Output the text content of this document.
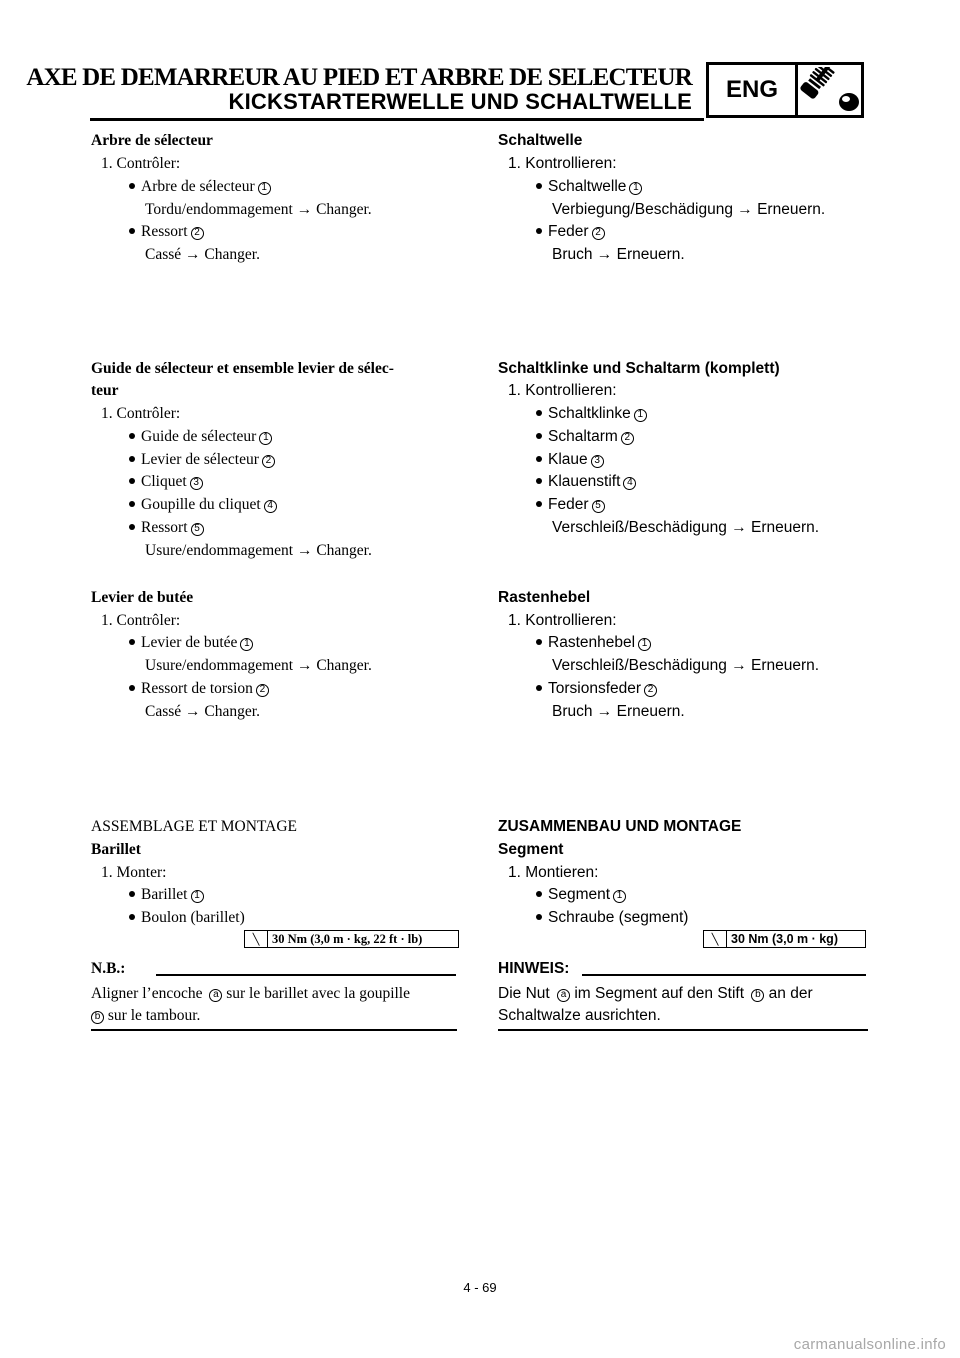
AXE DE DEMARREUR AU PIED ET ARBRE DE SELECTEUR
KICKSTARTERWELLE UND SCHALTWELLE	ENG
Arbre de sélecteur
1. Contrôler:
Arbre de sélecteur 1
Tordu/endommagement → Changer.
Ressort 2
Cassé → Changer.
Guide de sélecteur et ensemble levier de sélec-
teur
1. Contrôler:
Guide de sélecteur 1
Levier de sélecteur 2
Cliquet 3
Goupille du cliquet 4
Ressort 5
Usure/endommagement → Changer.
Levier de butée
1. Contrôler:
Levier de butée 1
Usure/endommagement → Changer.
Ressort de torsion 2
Cassé → Changer.
ASSEMBLAGE ET MONTAGE
Barillet
1. Monter:
Barillet 1
Boulon (barillet)
╲	30 Nm (3,0 m · kg, 22 ft · lb)
N.B.:
Aligner l’encoche a sur le barillet avec la goupille
b sur le tambour.
Schaltwelle
1. Kontrollieren:
Schaltwelle 1
Verbiegung/Beschädigung → Erneuern.
Feder 2
Bruch → Erneuern.
Schaltklinke und Schaltarm (komplett)
1. Kontrollieren:
Schaltklinke 1
Schaltarm 2
Klaue 3
Klauenstift 4
Feder 5
Verschleiß/Beschädigung → Erneuern.
Rastenhebel
1. Kontrollieren:
Rastenhebel 1
Verschleiß/Beschädigung → Erneuern.
Torsionsfeder 2
Bruch → Erneuern.
ZUSAMMENBAU UND MONTAGE
Segment
1. Montieren:
Segment 1
Schraube (segment)
╲	30 Nm (3,0 m · kg)
HINWEIS:
Die Nut a im Segment auf den Stift b an der
Schaltwalze ausrichten.
4 - 69
carmanualsonline.info
